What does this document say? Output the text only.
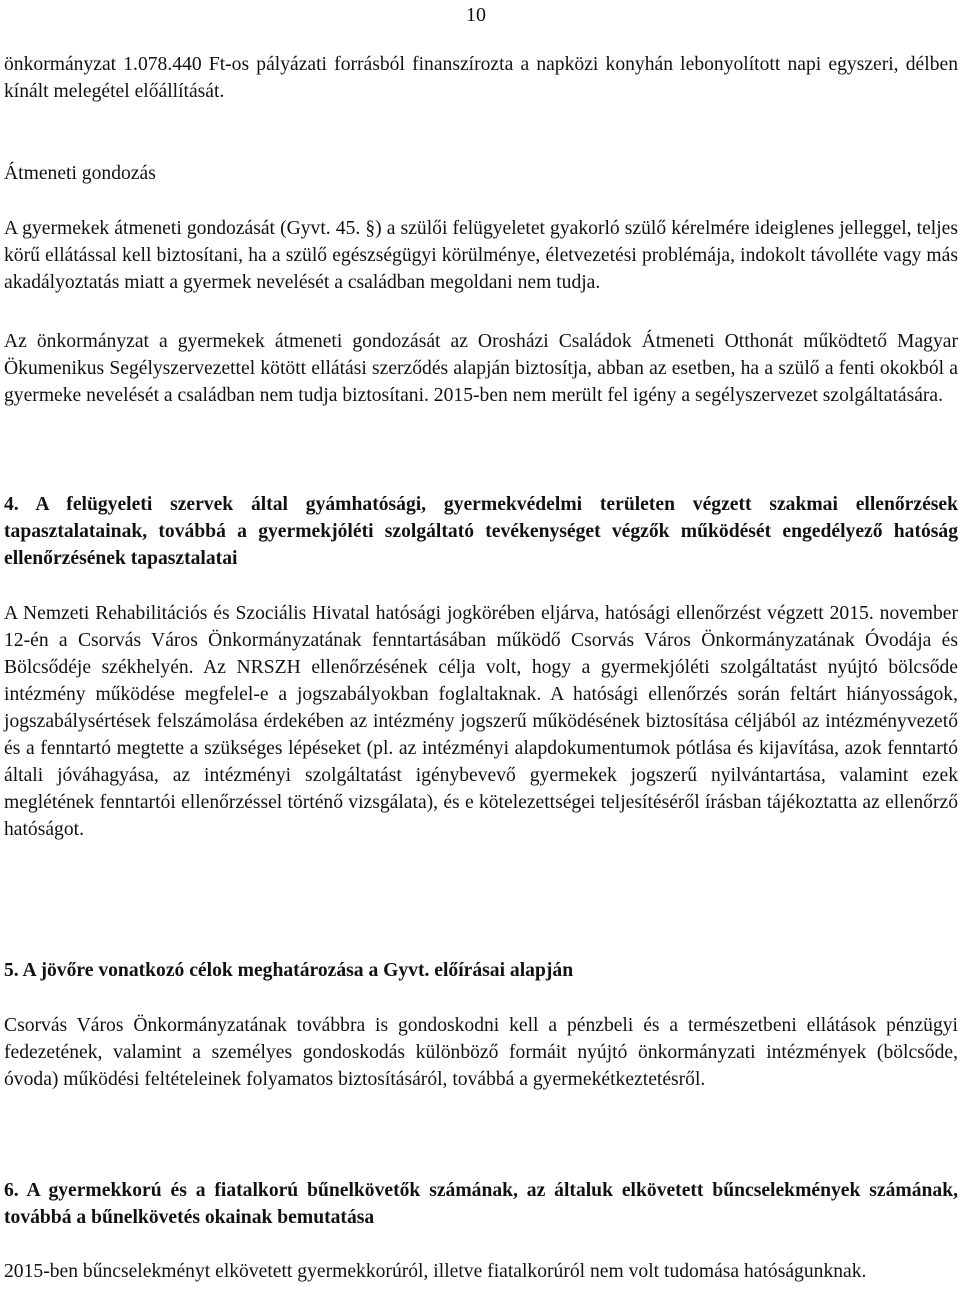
10

önkormányzat 1.078.440 Ft-os pályázati forrásból finanszírozta a napközi konyhán lebonyolított napi egyszeri, délben kínált melegétel előállítását.

Átmeneti gondozás

A gyermekek átmeneti gondozását (Gyvt. 45. §) a szülői felügyeletet gyakorló szülő kérelmére ideiglenes jelleggel, teljes körű ellátással kell biztosítani, ha a szülő egészségügyi körülménye, életvezetési problémája, indokolt távolléte vagy más akadályoztatás miatt a gyermek nevelését a családban megoldani nem tudja.

Az önkormányzat a gyermekek átmeneti gondozását az Orosházi Családok Átmeneti Otthonát működtető Magyar Ökumenikus Segélyszervezettel kötött ellátási szerződés alapján biztosítja, abban az esetben, ha a szülő a fenti okokból a gyermeke nevelését a családban nem tudja biztosítani. 2015-ben nem merült fel igény a segélyszervezet szolgáltatására.

4. A felügyeleti szervek által gyámhatósági, gyermekvédelmi területen végzett szakmai ellenőrzések tapasztalatainak, továbbá a gyermekjóléti szolgáltató tevékenységet végzők működését engedélyező hatóság ellenőrzésének tapasztalatai

A Nemzeti Rehabilitációs és Szociális Hivatal hatósági jogkörében eljárva, hatósági ellenőrzést végzett 2015. november 12-én a Csorvás Város Önkormányzatának fenntartásában működő Csorvás Város Önkormányzatának Óvodája és Bölcsődéje székhelyén. Az NRSZH ellenőrzésének célja volt, hogy a gyermekjóléti szolgáltatást nyújtó bölcsőde intézmény működése megfelel-e a jogszabályokban foglaltaknak. A hatósági ellenőrzés során feltárt hiányosságok, jogszabálysértések felszámolása érdekében az intézmény jogszerű működésének biztosítása céljából az intézményvezető és a fenntartó megtette a szükséges lépéseket (pl. az intézményi alapdokumentumok pótlása és kijavítása, azok fenntartó általi jóváhagyása, az intézményi szolgáltatást igénybevevő gyermekek jogszerű nyilvántartása, valamint ezek meglétének fenntartói ellenőrzéssel történő vizsgálata), és e kötelezettségei teljesítéséről írásban tájékoztatta az ellenőrző hatóságot.

5. A jövőre vonatkozó célok meghatározása a Gyvt. előírásai alapján

Csorvás Város Önkormányzatának továbbra is gondoskodni kell a pénzbeli és a természetbeni ellátások pénzügyi fedezetének, valamint a személyes gondoskodás különböző formáit nyújtó önkormányzati intézmények (bölcsőde, óvoda) működési feltételeinek folyamatos biztosításáról, továbbá a gyermekétkeztetésről.

6. A gyermekkorú és a fiatalkorú bűnelkövetők számának, az általuk elkövetett bűncselekmények számának, továbbá a bűnelkövetés okainak bemutatása

2015-ben bűncselekményt elkövetett gyermekkorúról, illetve fiatalkorúról nem volt tudomása hatóságunknak.
